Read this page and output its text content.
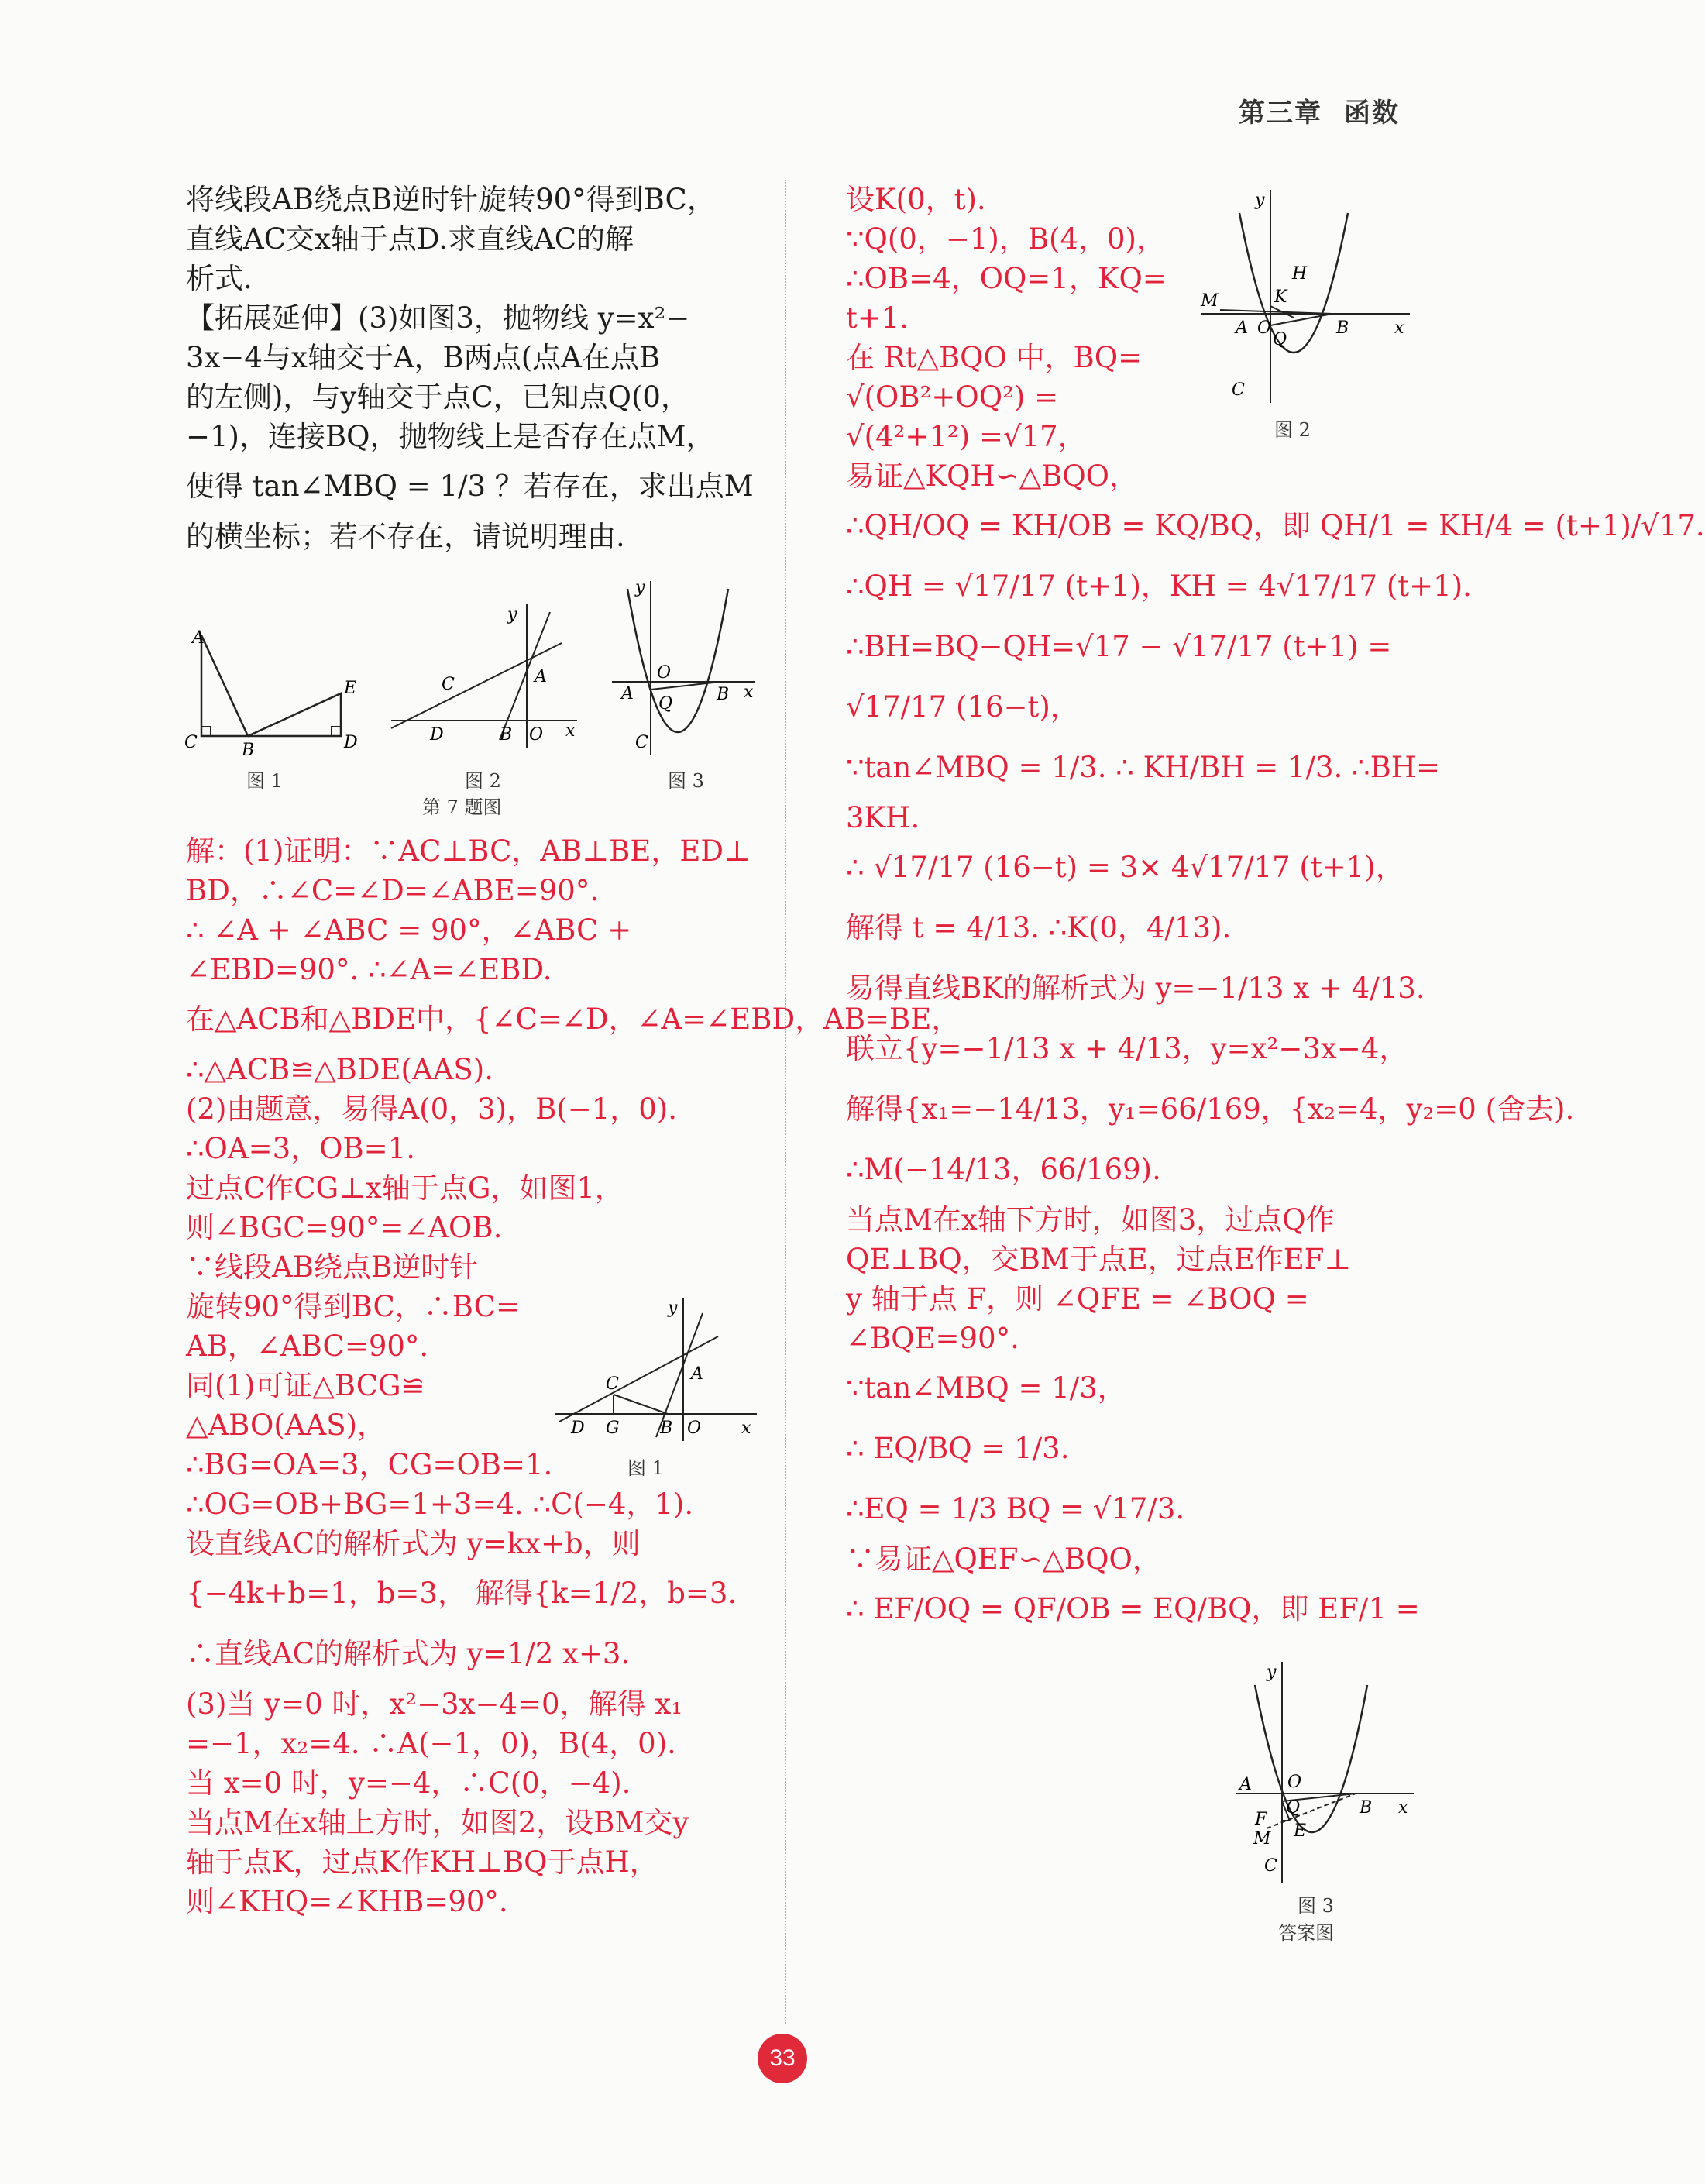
第三章 函数
将线段AB绕点B逆时针旋转90°得到BC，
直线AC交x轴于点D.求直线AC的解
析式.
【拓展延伸】(3)如图3，抛物线 y=x²−
3x−4与x轴交于A，B两点(点A在点B
的左侧)，与y轴交于点C，已知点Q(0，
−1)，连接BQ，抛物线上是否存在点M，
使得 tan∠MBQ = 1/3 ？若存在，求出点M
的横坐标；若不存在，请说明理由.
解：(1)证明：∵AC⊥BC，AB⊥BE，ED⊥
BD，∴∠C=∠D=∠ABE=90°.
∴ ∠A + ∠ABC = 90°，∠ABC +
∠EBD=90°. ∴∠A=∠EBD.
在△ACB和△BDE中，{∠C=∠D，∠A=∠EBD，AB=BE，
∴△ACB≌△BDE(AAS).
(2)由题意，易得A(0，3)，B(−1，0).
∴OA=3，OB=1.
过点C作CG⊥x轴于点G，如图1，
则∠BGC=90°=∠AOB.
∵线段AB绕点B逆时针
旋转90°得到BC，∴BC=
AB，∠ABC=90°.
同(1)可证△BCG≌
△ABO(AAS)，
∴BG=OA=3，CG=OB=1.
∴OG=OB+BG=1+3=4. ∴C(−4，1).
设直线AC的解析式为 y=kx+b，则
{−4k+b=1，b=3， 解得{k=1/2，b=3.
∴直线AC的解析式为 y=1/2 x+3.
(3)当 y=0 时，x²−3x−4=0，解得 x₁
=−1，x₂=4. ∴A(−1，0)，B(4，0).
当 x=0 时，y=−4，∴C(0，−4).
当点M在x轴上方时，如图2，设BM交y
轴于点K，过点K作KH⊥BQ于点H，
则∠KHQ=∠KHB=90°.
A
C	B
E
D
图 1
y
x
D
C	A
B O
图 2
y
x
A
O
B
Q
C
图 3
第 7 题图
y
x
D G
C
A
B O
图 1
设K(0，t).
∵Q(0，−1)，B(4，0)，
∴OB=4，OQ=1，KQ=
t+1.
在 Rt△BQO 中，BQ=
√(OB²+OQ²) =
√(4²+1²) =√17，
易证△KQH∽△BQO，
∴QH/OQ = KH/OB = KQ/BQ，即 QH/1 = KH/4 = (t+1)/√17.
∴QH = √17/17 (t+1)，KH = 4√17/17 (t+1).
∴BH=BQ−QH=√17 − √17/17 (t+1) =
√17/17 (16−t)，
∵tan∠MBQ = 1/3. ∴ KH/BH = 1/3. ∴BH=
3KH.
∴ √17/17 (16−t) = 3× 4√17/17 (t+1)，
解得 t = 4/13. ∴K(0，4/13).
易得直线BK的解析式为 y=−1/13 x + 4/13.
联立{y=−1/13 x + 4/13，y=x²−3x−4，
解得{x₁=−14/13，y₁=66/169，{x₂=4，y₂=0 (舍去).
∴M(−14/13，66/169).
当点M在x轴下方时，如图3，过点Q作
QE⊥BQ，交BM于点E，过点E作EF⊥
y 轴于点 F，则 ∠QFE = ∠BOQ =
∠BQE=90°.
∵tan∠MBQ = 1/3，
∴ EQ/BQ = 1/3.
∴EQ = 1/3 BQ = √17/3.
∵易证△QEF∽△BQO，
∴ EF/OQ = QF/OB = EQ/BQ，即 EF/1 =
y
x
M
A
K
H
O
Q
B
C
图 2
y
x
A O
B
Q
F
E
M
C
图 3
答案图
33
